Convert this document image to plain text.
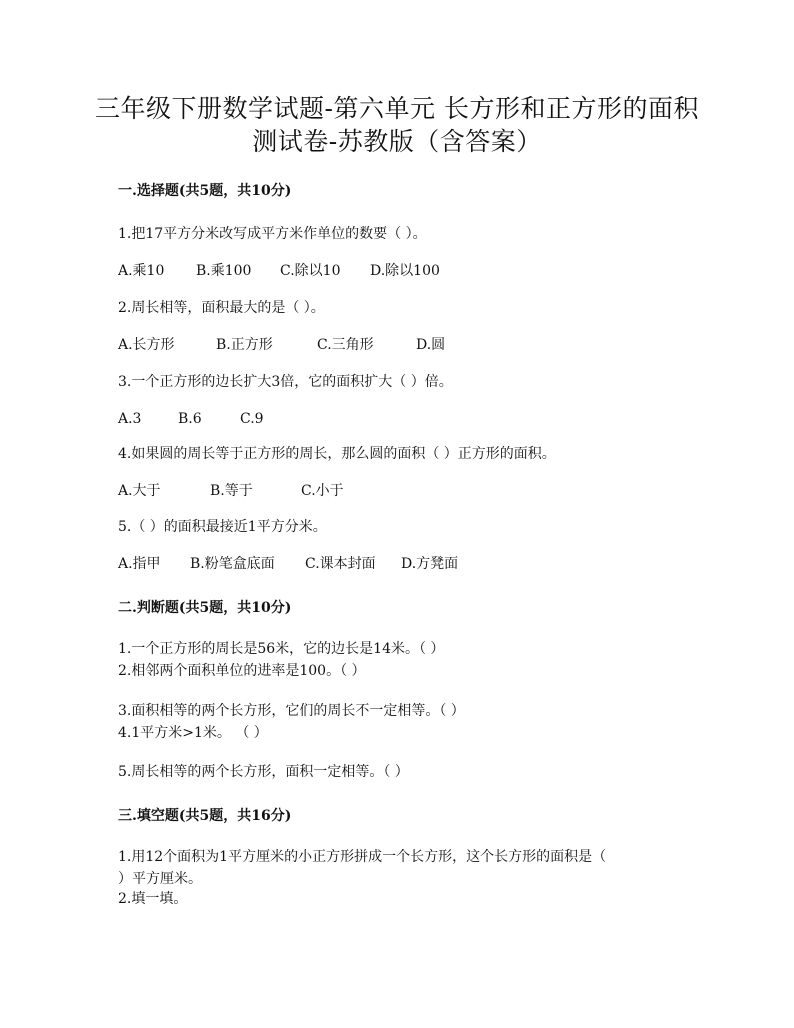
三年级下册数学试题-第六单元 长方形和正方形的面积
测试卷-苏教版（含答案）
一.选择题(共5题，共10分)
1.把17平方分米改写成平方米作单位的数要（ ）。
A.乘10 B.乘100 C.除以10 D.除以100
2.周长相等，面积最大的是（ ）。
A.长方形	B.正方形	C.三角形	D.圆
3.一个正方形的边长扩大3倍，它的面积扩大（ ）倍。
A.3	B.6	C.9
4.如果圆的周长等于正方形的周长，那么圆的面积（ ）正方形的面积。
A.大于	B.等于	C.小于
5.（ ）的面积最接近1平方分米。
A.指甲 B.粉笔盒底面 C.课本封面 D.方凳面
二.判断题(共5题，共10分)
1.一个正方形的周长是56米，它的边长是14米。（ ）
2.相邻两个面积单位的进率是100。（ ）
3.面积相等的两个长方形，它们的周长不一定相等。（ ）
4.1平方米>1米。 （ ）
5.周长相等的两个长方形，面积一定相等。（ ）
三.填空题(共5题，共16分)
1.用12个面积为1平方厘米的小正方形拼成一个长方形，这个长方形的面积是（
）平方厘米。
2.填一填。
